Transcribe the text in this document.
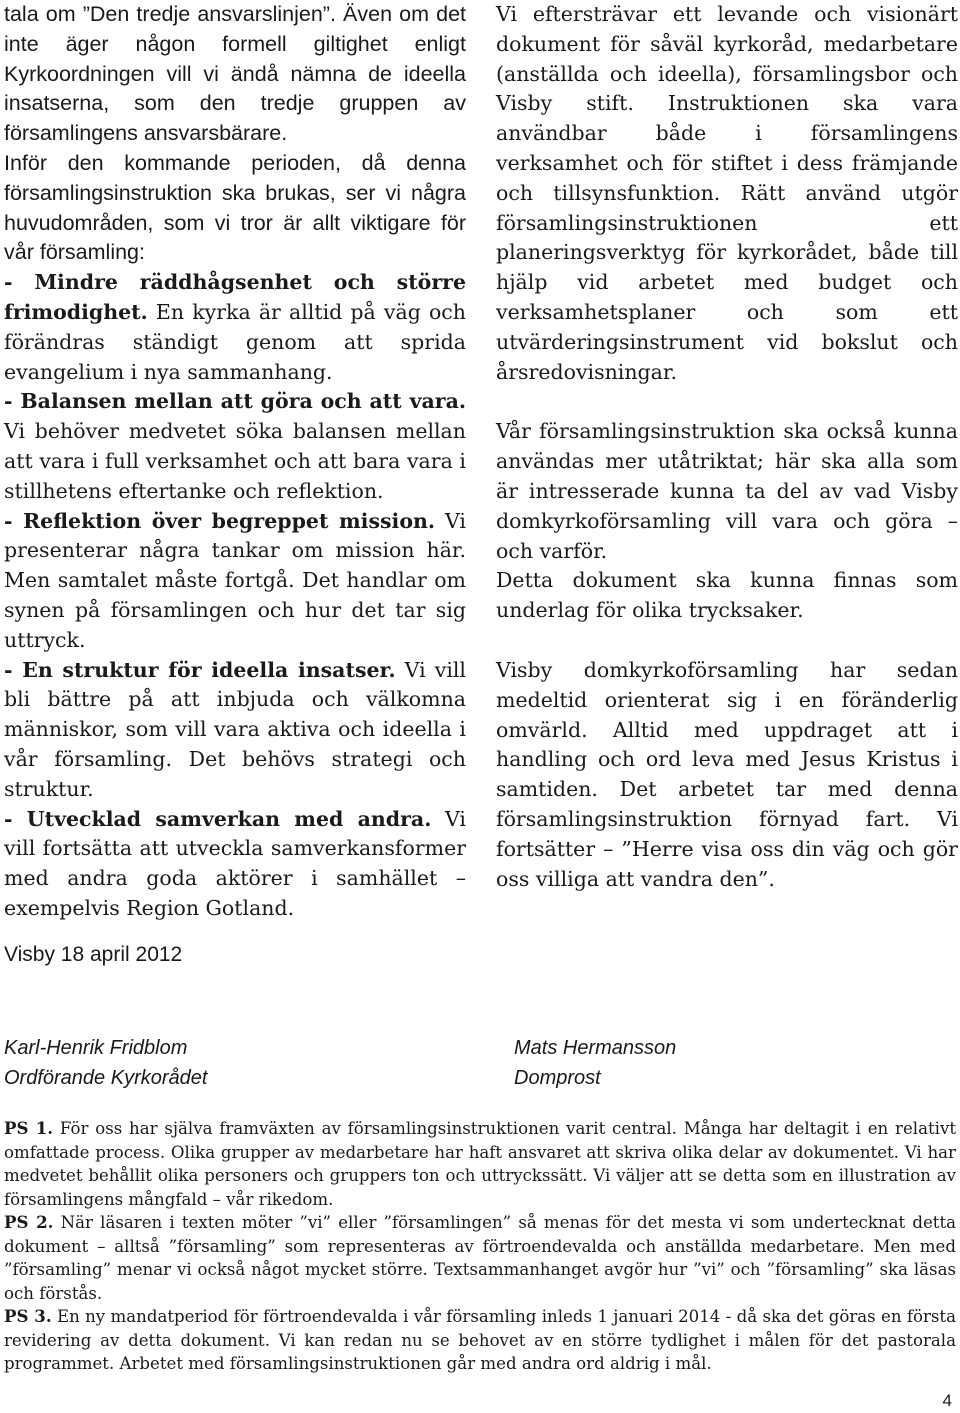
tala om ”Den tredje ansvarslinjen”. Även om det inte äger någon formell giltighet enligt Kyrkoordningen vill vi ändå nämna de ideella insatserna, som den tredje gruppen av församlingens ansvarsbärare.

Inför den kommande perioden, då denna församlingsinstruktion ska brukas, ser vi några huvudområden, som vi tror är allt viktigare för vår församling:

- Mindre räddhågsenhet och större frimodighet. En kyrka är alltid på väg och förändras ständigt genom att sprida evangelium i nya sammanhang.

- Balansen mellan att göra och att vara. Vi behöver medvetet söka balansen mellan att vara i full verksamhet och att bara vara i stillhetens eftertanke och reflektion.

- Reflektion över begreppet mission. Vi presenterar några tankar om mission här. Men samtalet måste fortgå. Det handlar om synen på församlingen och hur det tar sig uttryck.

- En struktur för ideella insatser. Vi vill bli bättre på att inbjuda och välkomna människor, som vill vara aktiva och ideella i vår församling. Det behövs strategi och struktur.

- Utvecklad samverkan med andra. Vi vill fortsätta att utveckla samverkansformer med andra goda aktörer i samhället – exempelvis Region Gotland.

Vi eftersträvar ett levande och visionärt dokument för såväl kyrkoråd, medarbetare (anställda och ideella), församlingsbor och Visby stift. Instruktionen ska vara användbar både i församlingens verksamhet och för stiftet i dess främjande och tillsynsfunktion. Rätt använd utgör församlingsinstruktionen ett planeringsverktyg för kyrkorådet, både till hjälp vid arbetet med budget och verksamhetsplaner och som ett utvärderingsinstrument vid bokslut och årsredovisningar.

Vår församlingsinstruktion ska också kunna användas mer utåtriktat; här ska alla som är intresserade kunna ta del av vad Visby domkyrkoförsamling vill vara och göra – och varför.

Detta dokument ska kunna finnas som underlag för olika trycksaker.

Visby domkyrkoförsamling har sedan medeltid orienterat sig i en föränderlig omvärld. Alltid med uppdraget att i handling och ord leva med Jesus Kristus i samtiden. Det arbetet tar med denna församlingsinstruktion förnyad fart. Vi fortsätter – ”Herre visa oss din väg och gör oss villiga att vandra den”.

Visby 18 april 2012
Karl-Henrik Fridblom
Ordförande Kyrkorådet
Mats Hermansson
Domprost

PS 1. För oss har själva framväxten av församlingsinstruktionen varit central. Många har deltagit i en relativt omfattade process. Olika grupper av medarbetare har haft ansvaret att skriva olika delar av dokumentet. Vi har medvetet behållit olika personers och gruppers ton och uttryckssätt. Vi väljer att se detta som en illustration av församlingens mångfald – vår rikedom.

PS 2. När läsaren i texten möter ”vi” eller ”församlingen” så menas för det mesta vi som undertecknat detta dokument – alltså ”församling” som representeras av förtroendevalda och anställda medarbetare. Men med ”församling” menar vi också något mycket större. Textsammanhanget avgör hur ”vi” och ”församling” ska läsas och förstås.

PS 3. En ny mandatperiod för förtroendevalda i vår församling inleds 1 januari 2014 - då ska det göras en första revidering av detta dokument. Vi kan redan nu se behovet av en större tydlighet i målen för det pastorala programmet. Arbetet med församlingsinstruktionen går med andra ord aldrig i mål.

4
